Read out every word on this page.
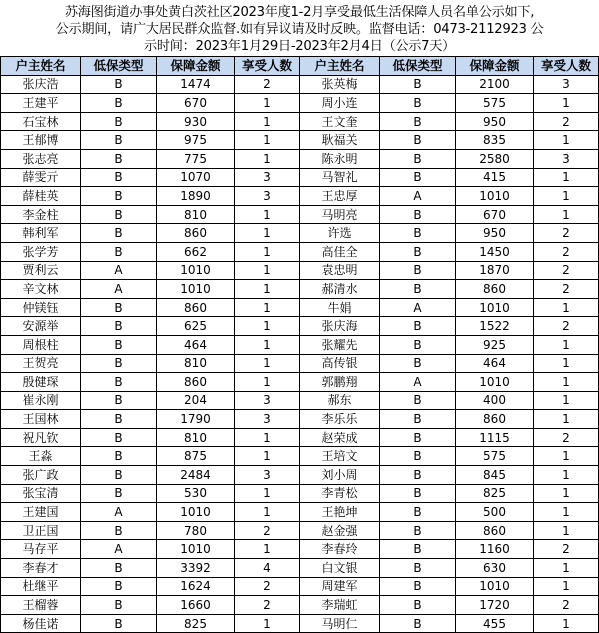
苏海图街道办事处黄白茨社区2023年度1-2月享受最低生活保障人员名单公示如下,
公示期间，请广大居民群众监督.如有异议请及时反映。监督电话：0473-2112923 公
示时间：2023年1月29日-2023年2月4日（公示7天）
户主姓名	低保类型	保障金额	享受人数	户主姓名	低保类型	保障金额	享受人数
张庆浩	B	1474	2	张英梅	B	2100	3
王建平	B	670	1	周小连	B	575	1
石宝林	B	930	1	王文奎	B	950	2
王郁博	B	975	1	耿福关	B	835	1
张志亮	B	775	1	陈永明	B	2580	3
薛雯亓	B	1070	3	马智礼	B	415	1
薛桂英	B	1890	3	王忠厚	A	1010	1
李金柱	B	810	1	马明亮	B	670	1
韩利军	B	860	1	许选	B	950	2
张学芳	B	662	1	高佳全	B	1450	2
贾利云	A	1010	1	袁忠明	B	1870	2
辛文林	A	1010	1	郝清水	B	860	2
仲镁钰	B	860	1	牛娟	A	1010	1
安源举	B	625	1	张庆海	B	1522	2
周根柱	B	464	1	张耀先	B	925	1
王贺亮	B	810	1	高传银	B	464	1
殷健琛	B	860	1	郭鹏翔	A	1010	1
崔永刚	B	204	3	郝东	B	400	1
王国林	B	1790	3	李乐乐	B	860	1
祝凡钦	B	810	1	赵荣成	B	1115	2
王淼	B	875	1	王培文	B	575	1
张广政	B	2484	3	刘小周	B	845	1
张宝清	B	530	1	李青松	B	825	1
王建国	A	1010	1	王艳坤	B	500	1
卫正国	B	780	2	赵金强	B	860	1
马存平	A	1010	1	李春玲	B	1160	2
李春才	B	3392	4	白文银	B	630	1
杜继平	B	1624	2	周建军	B	1010	1
王榴蓉	B	1660	2	李瑞虹	B	1720	2
杨佳诺	B	825	1	马明仁	B	455	1
